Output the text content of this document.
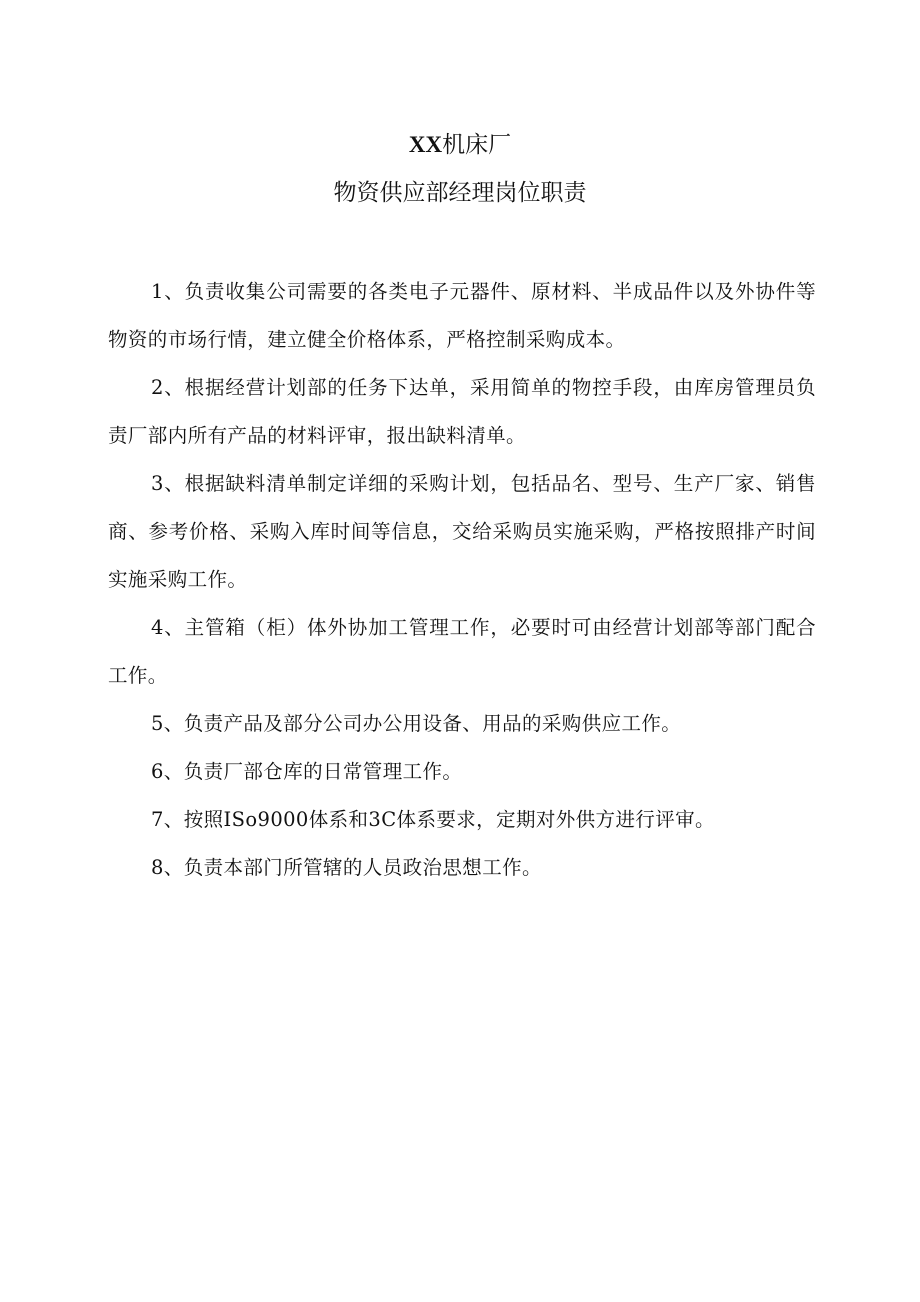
XX机床厂
物资供应部经理岗位职责

1、负责收集公司需要的各类电子元器件、原材料、半成品件以及外协件等物资的市场行情，建立健全价格体系，严格控制采购成本。

2、根据经营计划部的任务下达单，采用简单的物控手段，由库房管理员负责厂部内所有产品的材料评审，报出缺料清单。

3、根据缺料清单制定详细的采购计划，包括品名、型号、生产厂家、销售商、参考价格、采购入库时间等信息，交给采购员实施采购，严格按照排产时间实施采购工作。

4、主管箱（柜）体外协加工管理工作，必要时可由经营计划部等部门配合工作。

5、负责产品及部分公司办公用设备、用品的采购供应工作。

6、负责厂部仓库的日常管理工作。

7、按照ISo9000体系和3C体系要求，定期对外供方进行评审。

8、负责本部门所管辖的人员政治思想工作。
